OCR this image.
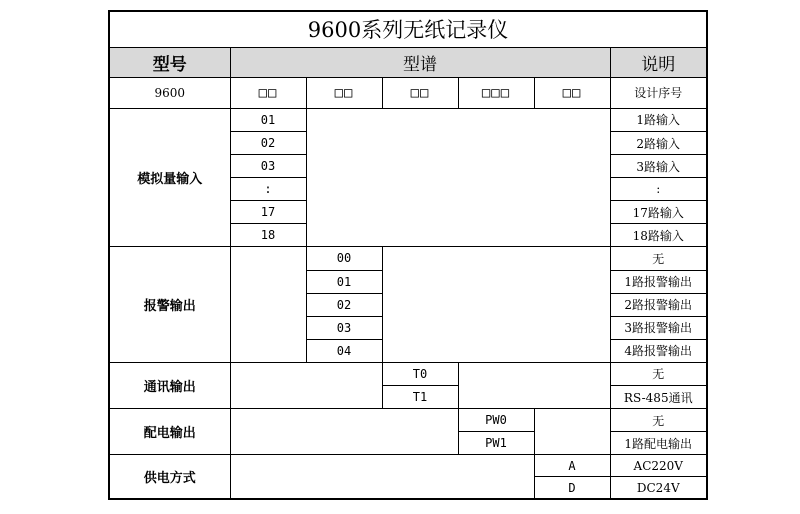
9600系列无纸记录仪						
型号	型谱					说明
9600	□□	□□	□□	□□□	□□	设计序号
模拟量输入	01					1路输入
	02					2路输入
	03					3路输入
	:					:
	17					17路输入
	18					18路输入
报警输出		00				无
		01				1路报警输出
		02				2路报警输出
		03				3路报警输出
		04				4路报警输出
通讯输出			T0			无
			T1			RS-485通讯
配电输出				PW0		无
				PW1		1路配电输出
供电方式					A	AC220V
					D	DC24V
